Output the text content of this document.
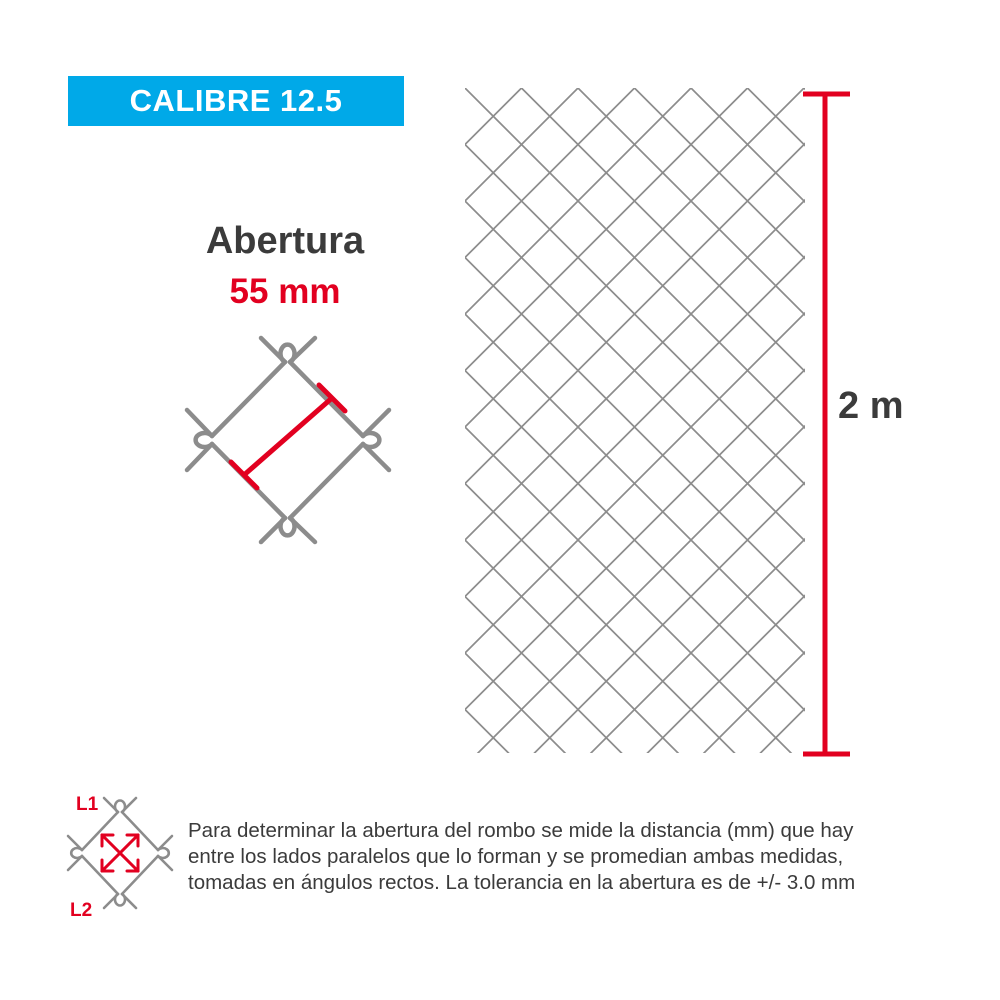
CALIBRE 12.5
Abertura
55 mm
2 m
L1
L2
Para determinar la abertura del rombo se mide la distancia (mm) que hay
entre los lados paralelos que lo forman y se promedian ambas medidas,
tomadas en ángulos rectos. La tolerancia en la abertura es de +/- 3.0 mm
